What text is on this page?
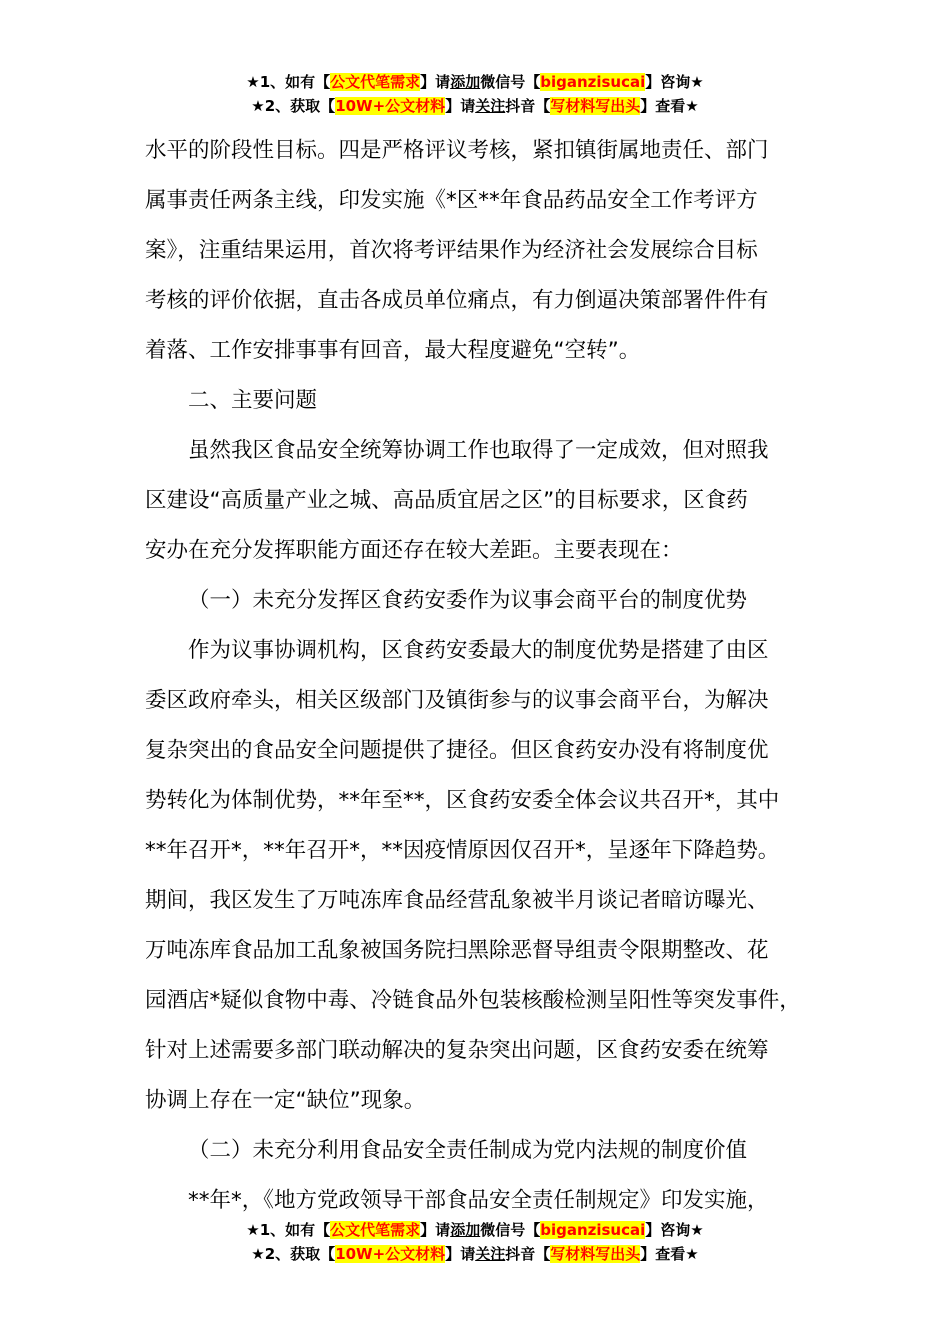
★1、如有【公文代笔需求】请添加微信号【biganzisucai】咨询★
★2、获取【10W+公文材料】请关注抖音【写材料写出头】查看★
水平的阶段性目标。四是严格评议考核，紧扣镇街属地责任、部门
属事责任两条主线，印发实施《*区**年食品药品安全工作考评方
案》，注重结果运用，首次将考评结果作为经济社会发展综合目标
考核的评价依据，直击各成员单位痛点，有力倒逼决策部署件件有
着落、工作安排事事有回音，最大程度避免“空转”。
二、主要问题
虽然我区食品安全统筹协调工作也取得了一定成效，但对照我
区建设“高质量产业之城、高品质宜居之区”的目标要求，区食药
安办在充分发挥职能方面还存在较大差距。主要表现在：
（一）未充分发挥区食药安委作为议事会商平台的制度优势
作为议事协调机构，区食药安委最大的制度优势是搭建了由区
委区政府牵头，相关区级部门及镇街参与的议事会商平台，为解决
复杂突出的食品安全问题提供了捷径。但区食药安办没有将制度优
势转化为体制优势，**年至**，区食药安委全体会议共召开*，其中
**年召开*，**年召开*，**因疫情原因仅召开*，呈逐年下降趋势。
期间，我区发生了万吨冻库食品经营乱象被半月谈记者暗访曝光、
万吨冻库食品加工乱象被国务院扫黑除恶督导组责令限期整改、花
园酒店*疑似食物中毒、冷链食品外包装核酸检测呈阳性等突发事件，
针对上述需要多部门联动解决的复杂突出问题，区食药安委在统筹
协调上存在一定“缺位”现象。
（二）未充分利用食品安全责任制成为党内法规的制度价值
**年*，《地方党政领导干部食品安全责任制规定》印发实施，
★1、如有【公文代笔需求】请添加微信号【biganzisucai】咨询★
★2、获取【10W+公文材料】请关注抖音【写材料写出头】查看★
